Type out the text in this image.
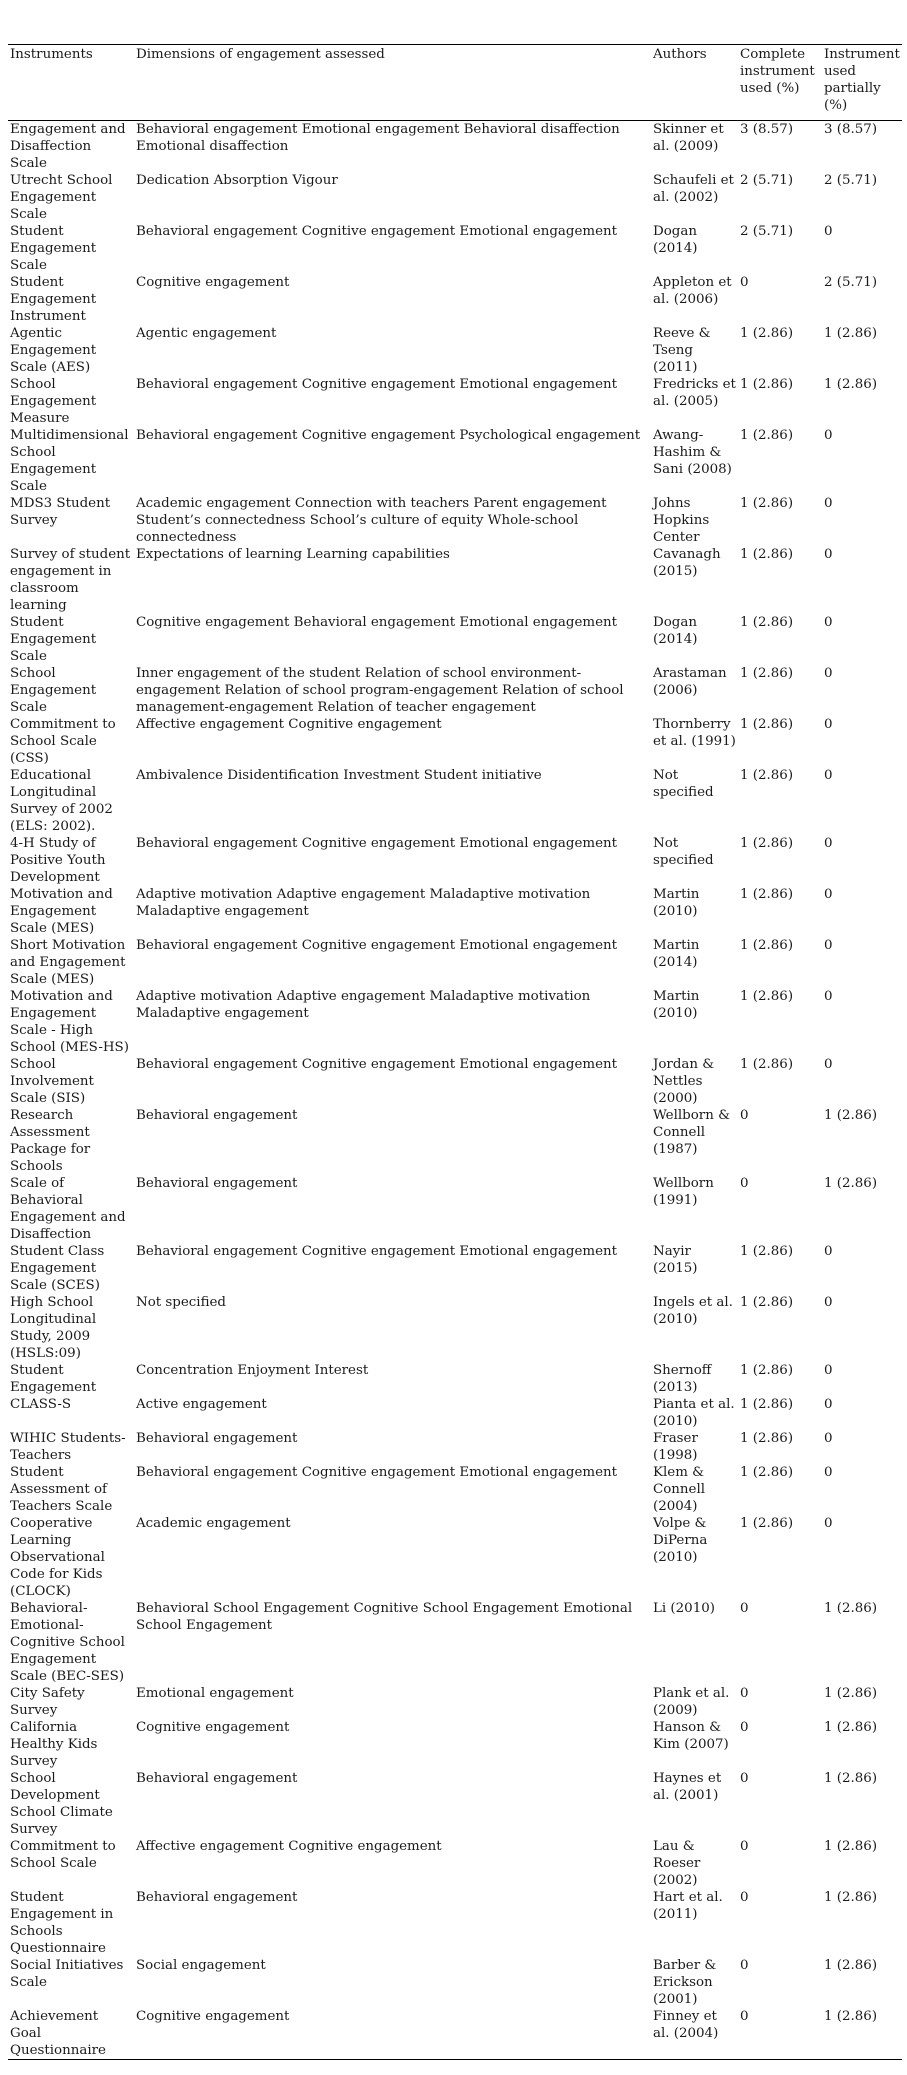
Instruments	Dimensions of engagement assessed	Authors	Complete instrument used (%)	Instrument used partially (%)
Engagement and Disaffection Scale	Behavioral engagement Emotional engagement Behavioral disaffection Emotional disaffection	Skinner et al. (2009)	3 (8.57)	3 (8.57)
Utrecht School Engagement Scale	Dedication Absorption Vigour	Schaufeli et al. (2002)	2 (5.71)	2 (5.71)
Student Engagement Scale	Behavioral engagement Cognitive engagement Emotional engagement	Dogan (2014)	2 (5.71)	0
Student Engagement Instrument	Cognitive engagement	Appleton et al. (2006)	0	2 (5.71)
Agentic Engagement Scale (AES)	Agentic engagement	Reeve & Tseng (2011)	1 (2.86)	1 (2.86)
School Engagement Measure	Behavioral engagement Cognitive engagement Emotional engagement	Fredricks et al. (2005)	1 (2.86)	1 (2.86)
Multidimensional School Engagement Scale	Behavioral engagement Cognitive engagement Psychological engagement	Awang-Hashim & Sani (2008)	1 (2.86)	0
MDS3 Student Survey	Academic engagement Connection with teachers Parent engagement Student’s connectedness School’s culture of equity Whole-school connectedness	Johns Hopkins Center	1 (2.86)	0
Survey of student engagement in classroom learning	Expectations of learning Learning capabilities	Cavanagh (2015)	1 (2.86)	0
Student Engagement Scale	Cognitive engagement Behavioral engagement Emotional engagement	Dogan (2014)	1 (2.86)	0
School Engagement Scale	Inner engagement of the student Relation of school environment-engagement Relation of school program-engagement Relation of school management-engagement Relation of teacher engagement	Arastaman (2006)	1 (2.86)	0
Commitment to School Scale (CSS)	Affective engagement Cognitive engagement	Thornberry et al. (1991)	1 (2.86)	0
Educational Longitudinal Survey of 2002 (ELS: 2002).	Ambivalence Disidentification Investment Student initiative	Not specified	1 (2.86)	0
4-H Study of Positive Youth Development	Behavioral engagement Cognitive engagement Emotional engagement	Not specified	1 (2.86)	0
Motivation and Engagement Scale (MES)	Adaptive motivation Adaptive engagement Maladaptive motivation Maladaptive engagement	Martin (2010)	1 (2.86)	0
Short Motivation and Engagement Scale (MES)	Behavioral engagement Cognitive engagement Emotional engagement	Martin (2014)	1 (2.86)	0
Motivation and Engagement Scale - High School (MES-HS)	Adaptive motivation Adaptive engagement Maladaptive motivation Maladaptive engagement	Martin (2010)	1 (2.86)	0
School Involvement Scale (SIS)	Behavioral engagement Cognitive engagement Emotional engagement	Jordan & Nettles (2000)	1 (2.86)	0
Research Assessment Package for Schools	Behavioral engagement	Wellborn & Connell (1987)	0	1 (2.86)
Scale of Behavioral Engagement and Disaffection	Behavioral engagement	Wellborn (1991)	0	1 (2.86)
Student Class Engagement Scale (SCES)	Behavioral engagement Cognitive engagement Emotional engagement	Nayir (2015)	1 (2.86)	0
High School Longitudinal Study, 2009 (HSLS:09)	Not specified	Ingels et al. (2010)	1 (2.86)	0
Student Engagement	Concentration Enjoyment Interest	Shernoff (2013)	1 (2.86)	0
CLASS-S	Active engagement	Pianta et al. (2010)	1 (2.86)	0
WIHIC Students-Teachers	Behavioral engagement	Fraser (1998)	1 (2.86)	0
Student Assessment of Teachers Scale	Behavioral engagement Cognitive engagement Emotional engagement	Klem & Connell (2004)	1 (2.86)	0
Cooperative Learning Observational Code for Kids (CLOCK)	Academic engagement	Volpe & DiPerna (2010)	1 (2.86)	0
Behavioral-Emotional-Cognitive School Engagement Scale (BEC-SES)	Behavioral School Engagement Cognitive School Engagement Emotional School Engagement	Li (2010)	0	1 (2.86)
City Safety Survey	Emotional engagement	Plank et al. (2009)	0	1 (2.86)
California Healthy Kids Survey	Cognitive engagement	Hanson & Kim (2007)	0	1 (2.86)
School Development School Climate Survey	Behavioral engagement	Haynes et al. (2001)	0	1 (2.86)
Commitment to School Scale	Affective engagement Cognitive engagement	Lau & Roeser (2002)	0	1 (2.86)
Student Engagement in Schools Questionnaire	Behavioral engagement	Hart et al. (2011)	0	1 (2.86)
Social Initiatives Scale	Social engagement	Barber & Erickson (2001)	0	1 (2.86)
Achievement Goal Questionnaire	Cognitive engagement	Finney et al. (2004)	0	1 (2.86)
